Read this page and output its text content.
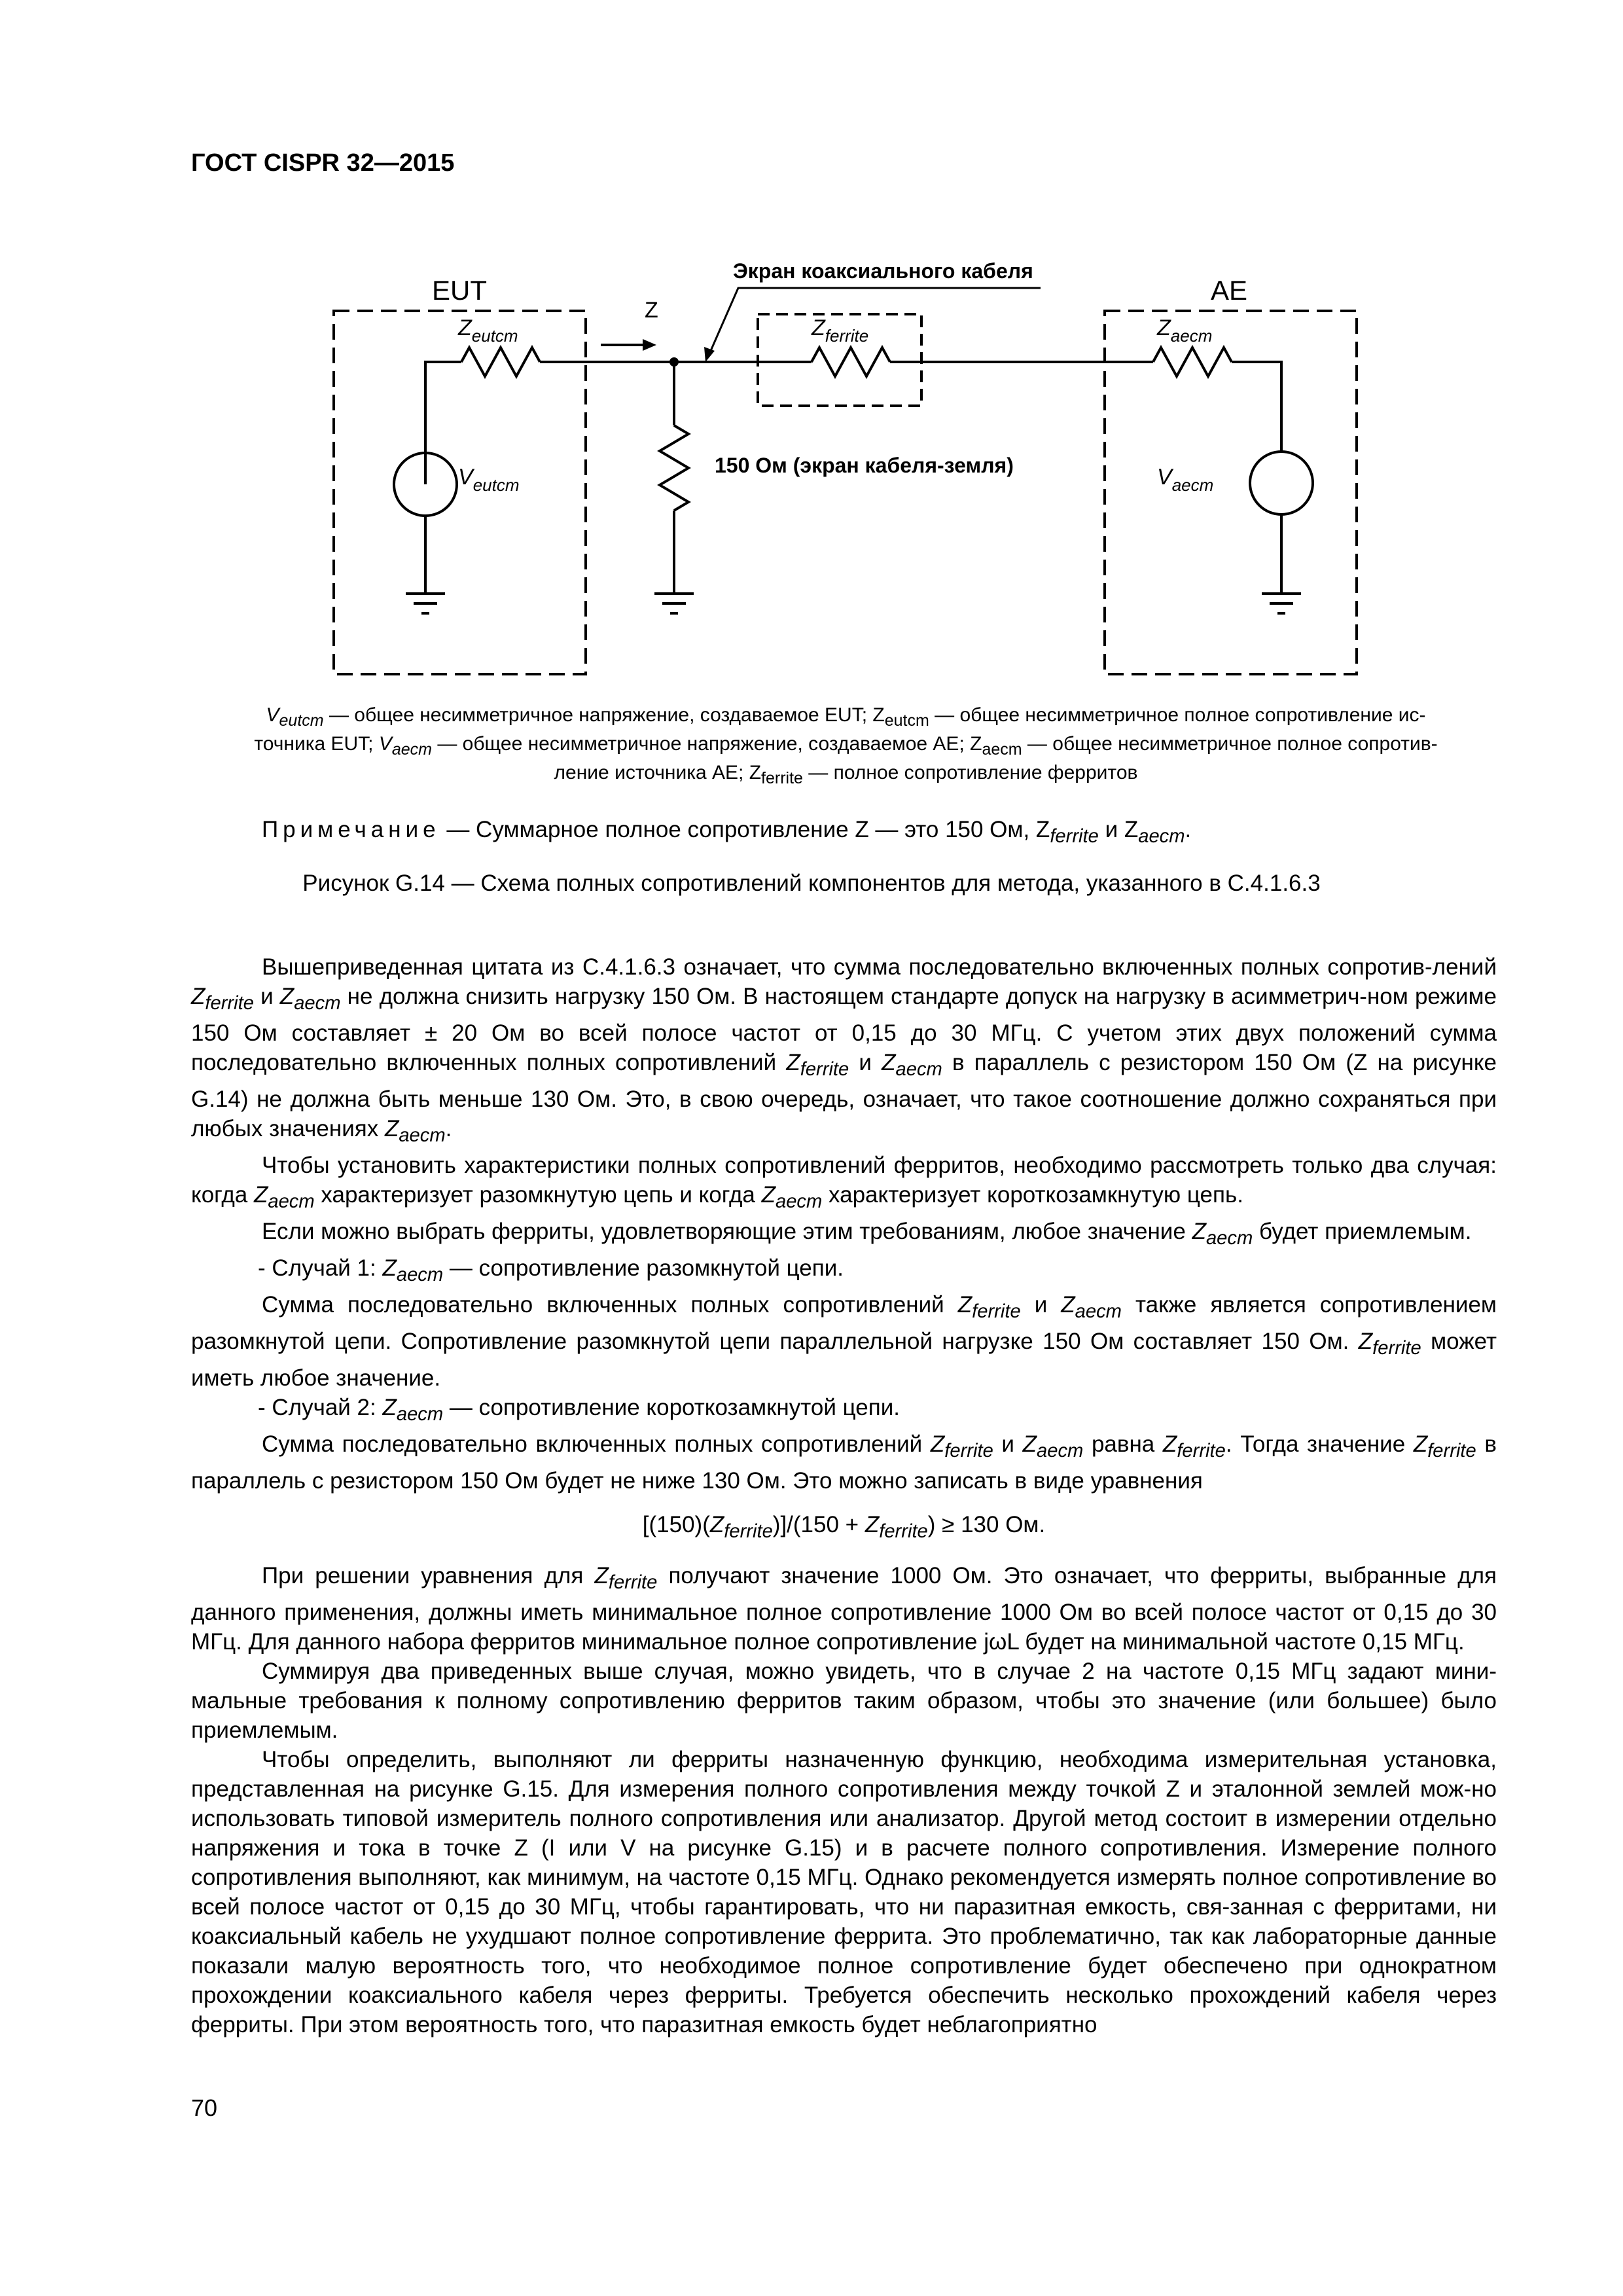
ГОСТ CISPR 32—2015
EUT	AE
Z
Экран коаксиального кабеля
150 Ом (экран кабеля-земля)
$Z_{eutcm}$	$Z_{ferrite}$	$Z_{aecm}$
$V_{eutcm}$	$V_{aecm}$
$V_{eutcm}$ — общее несимметричное напряжение, создаваемое EUT; $Z_{eutcm}$ — общее несимметричное полное сопротивление ис-
точника EUT; $V_{aecm}$ — общее несимметричное напряжение, создаваемое AE; $Z_{aecm}$ — общее несимметричное полное сопротив-
ление источника AE; $Z_{ferrite}$ — полное сопротивление ферритов
Примечание — Суммарное полное сопротивление Z — это 150 Ом, $Z_{ferrite}$ и $Z_{aecm}$.
Рисунок G.14 — Схема полных сопротивлений компонентов для метода, указанного в C.4.1.6.3

Вышеприведенная цитата из C.4.1.6.3 означает, что сумма последовательно включенных полных сопротив-лений $Z_{ferrite}$ и $Z_{aecm}$ не должна снизить нагрузку 150 Ом. В настоящем стандарте допуск на нагрузку в асимметрич-ном режиме 150 Ом составляет ± 20 Ом во всей полосе частот от 0,15 до 30 МГц. С учетом этих двух положений сумма последовательно включенных полных сопротивлений $Z_{ferrite}$ и $Z_{aecm}$ в параллель с резистором 150 Ом (Z на рисунке G.14) не должна быть меньше 130 Ом. Это, в свою очередь, означает, что такое соотношение должно сохраняться при любых значениях $Z_{aecm}$.

Чтобы установить характеристики полных сопротивлений ферритов, необходимо рассмотреть только два случая: когда $Z_{aecm}$ характеризует разомкнутую цепь и когда $Z_{aecm}$ характеризует короткозамкнутую цепь.

Если можно выбрать ферриты, удовлетворяющие этим требованиям, любое значение $Z_{aecm}$ будет приемлемым.

- Случай 1: $Z_{aecm}$ — сопротивление разомкнутой цепи.

Сумма последовательно включенных полных сопротивлений $Z_{ferrite}$ и $Z_{aecm}$ также является сопротивлением разомкнутой цепи. Сопротивление разомкнутой цепи параллельной нагрузке 150 Ом составляет 150 Ом. $Z_{ferrite}$ может иметь любое значение.

- Случай 2: $Z_{aecm}$ — сопротивление короткозамкнутой цепи.

Сумма последовательно включенных полных сопротивлений $Z_{ferrite}$ и $Z_{aecm}$ равна $Z_{ferrite}$. Тогда значение $Z_{ferrite}$ в параллель с резистором 150 Ом будет не ниже 130 Ом. Это можно записать в виде уравнения

$[(150)(Z_{ferrite})]/(150 + Z_{ferrite}) \ge 130$ Ом.

При решении уравнения для $Z_{ferrite}$ получают значение 1000 Ом. Это означает, что ферриты, выбранные для данного применения, должны иметь минимальное полное сопротивление 1000 Ом во всей полосе частот от 0,15 до 30 МГц. Для данного набора ферритов минимальное полное сопротивление jωL будет на минимальной частоте 0,15 МГц.

Суммируя два приведенных выше случая, можно увидеть, что в случае 2 на частоте 0,15 МГц задают мини-мальные требования к полному сопротивлению ферритов таким образом, чтобы это значение (или большее) было приемлемым.

Чтобы определить, выполняют ли ферриты назначенную функцию, необходима измерительная установка, представленная на рисунке G.15. Для измерения полного сопротивления между точкой Z и эталонной землей мож-но использовать типовой измеритель полного сопротивления или анализатор. Другой метод состоит в измерении отдельно напряжения и тока в точке Z (I или V на рисунке G.15) и в расчете полного сопротивления. Измерение полного сопротивления выполняют, как минимум, на частоте 0,15 МГц. Однако рекомендуется измерять полное сопротивление во всей полосе частот от 0,15 до 30 МГц, чтобы гарантировать, что ни паразитная емкость, свя-занная с ферритами, ни коаксиальный кабель не ухудшают полное сопротивление феррита. Это проблематично, так как лабораторные данные показали малую вероятность того, что необходимое полное сопротивление будет обеспечено при однократном прохождении коаксиального кабеля через ферриты. Требуется обеспечить несколько прохождений кабеля через ферриты. При этом вероятность того, что паразитная емкость будет неблагоприятно

70
